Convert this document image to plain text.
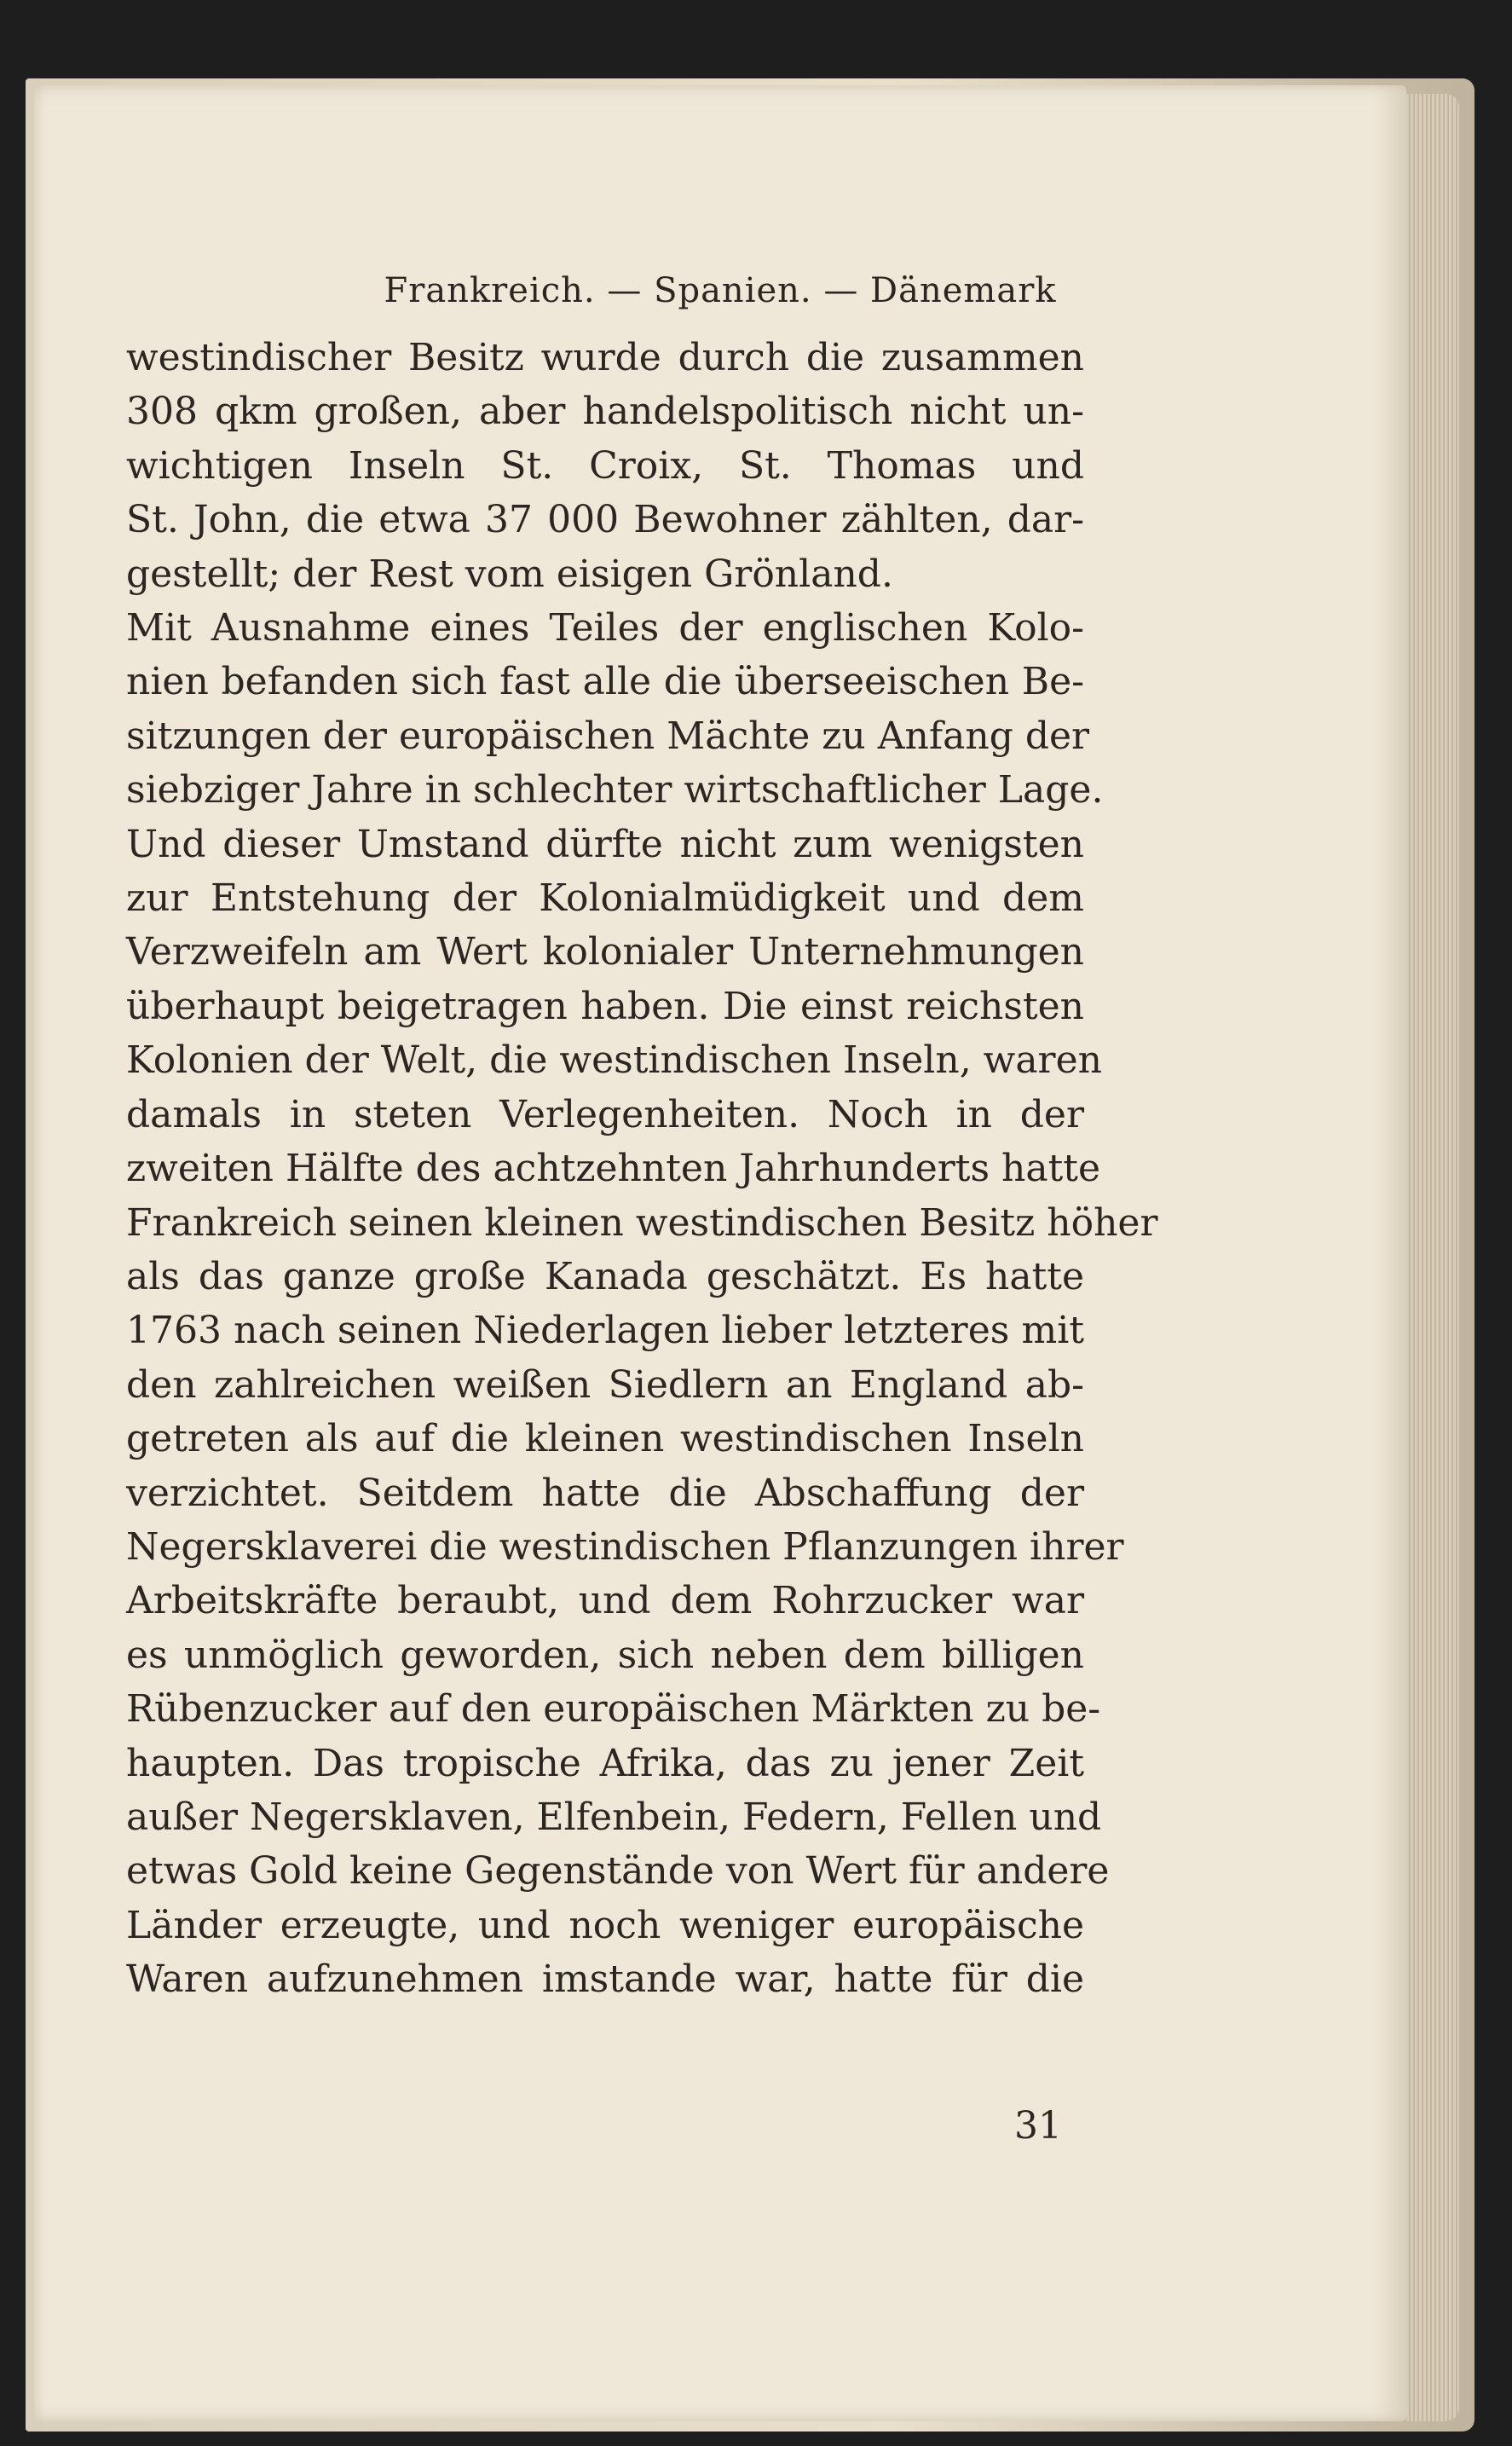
Frankreich. — Spanien. — Dänemark
westindischer Besitz wurde durch die zusammen
308 qkm großen, aber handelspolitisch nicht un-
wichtigen Inseln St. Croix, St. Thomas und
St. John, die etwa 37 000 Bewohner zählten, dar-
gestellt; der Rest vom eisigen Grönland.
Mit Ausnahme eines Teiles der englischen Kolo-
nien befanden sich fast alle die überseeischen Be-
sitzungen der europäischen Mächte zu Anfang der
siebziger Jahre in schlechter wirtschaftlicher Lage.
Und dieser Umstand dürfte nicht zum wenigsten
zur Entstehung der Kolonialmüdigkeit und dem
Verzweifeln am Wert kolonialer Unternehmungen
überhaupt beigetragen haben. Die einst reichsten
Kolonien der Welt, die westindischen Inseln, waren
damals in steten Verlegenheiten. Noch in der
zweiten Hälfte des achtzehnten Jahrhunderts hatte
Frankreich seinen kleinen westindischen Besitz höher
als das ganze große Kanada geschätzt. Es hatte
1763 nach seinen Niederlagen lieber letzteres mit
den zahlreichen weißen Siedlern an England ab-
getreten als auf die kleinen westindischen Inseln
verzichtet. Seitdem hatte die Abschaffung der
Negersklaverei die westindischen Pflanzungen ihrer
Arbeitskräfte beraubt, und dem Rohrzucker war
es unmöglich geworden, sich neben dem billigen
Rübenzucker auf den europäischen Märkten zu be-
haupten. Das tropische Afrika, das zu jener Zeit
außer Negersklaven, Elfenbein, Federn, Fellen und
etwas Gold keine Gegenstände von Wert für andere
Länder erzeugte, und noch weniger europäische
Waren aufzunehmen imstande war, hatte für die
31
